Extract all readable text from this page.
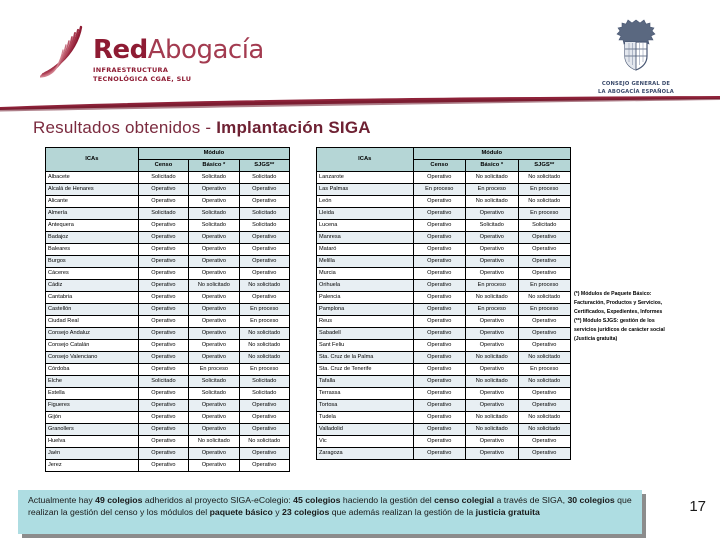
RedAbogacía
INFRAESTRUCTURA
TECNOLÓGICA CGAE, SLU
CONSEJO GENERAL DE
LA ABOGACÍA ESPAÑOLA
Resultados obtenidos - Implantación SIGA
ICAs	Módulo		
	Censo	Básico *	SJGS**
Albacete	Solicitado	Solicitado	Solicitado
Alcalá de Henares	Operativo	Operativo	Operativo
Alicante	Operativo	Operativo	Operativo
Almería	Solicitado	Solicitado	Solicitado
Antequera	Operativo	Solicitado	Solicitado
Badajoz	Operativo	Operativo	Operativo
Baleares	Operativo	Operativo	Operativo
Burgos	Operativo	Operativo	Operativo
Cáceres	Operativo	Operativo	Operativo
Cádiz	Operativo	No solicitado	No solicitado
Cantabria	Operativo	Operativo	Operativo
Castellón	Operativo	Operativo	En proceso
Ciudad Real	Operativo	Operativo	En proceso
Consejo Andaluz	Operativo	Operativo	No solicitado
Consejo Catalán	Operativo	Operativo	No solicitado
Consejo Valenciano	Operativo	Operativo	No solicitado
Córdoba	Operativo	En proceso	En proceso
Elche	Solicitado	Solicitado	Solicitado
Estella	Operativo	Solicitado	Solicitado
Figueres	Operativo	Operativo	Operativo
Gijón	Operativo	Operativo	Operativo
Granollers	Operativo	Operativo	Operativo
Huelva	Operativo	No solicitado	No solicitado
Jaén	Operativo	Operativo	Operativo
Jerez	Operativo	Operativo	Operativo
ICAs	Módulo		
	Censo	Básico *	SJGS**
Lanzarote	Operativo	No solicitado	No solicitado
Las Palmas	En proceso	En proceso	En proceso
León	Operativo	No solicitado	No solicitado
Lleida	Operativo	Operativo	En proceso
Lucena	Operativo	Solicitado	Solicitado
Manresa	Operativo	Operativo	Operativo
Mataró	Operativo	Operativo	Operativo
Melilla	Operativo	Operativo	Operativo
Murcia	Operativo	Operativo	Operativo
Orihuela	Operativo	En proceso	En proceso
Palencia	Operativo	No solicitado	No solicitado
Pamplona	Operativo	En proceso	En proceso
Reus	Operativo	Operativo	Operativo
Sabadell	Operativo	Operativo	Operativo
Sant Feliu	Operativo	Operativo	Operativo
Sta. Cruz de la Palma	Operativo	No solicitado	No solicitado
Sta. Cruz de Tenerife	Operativo	Operativo	En proceso
Tafalla	Operativo	No solicitado	No solicitado
Terrassa	Operativo	Operativo	Operativo
Tortosa	Operativo	Operativo	Operativo
Tudela	Operativo	No solicitado	No solicitado
Valladolid	Operativo	No solicitado	No solicitado
Vic	Operativo	Operativo	Operativo
Zaragoza	Operativo	Operativo	Operativo

(*) Módulos de Paquete Básico:

Facturación, Productos y Servicios,

Certificados, Expedientes, Informes

(**) Módulo SJGS: gestión de los

servicios jurídicos de carácter social

(Justicia gratuita)

Actualmente hay 49 colegios adheridos al proyecto SIGA-eColegio: 45 colegios haciendo la gestión del censo colegial a través de SIGA, 30 colegios que realizan la gestión del censo y los módulos del paquete básico y 23 colegios que además realizan la gestión de la justicia gratuita	17
